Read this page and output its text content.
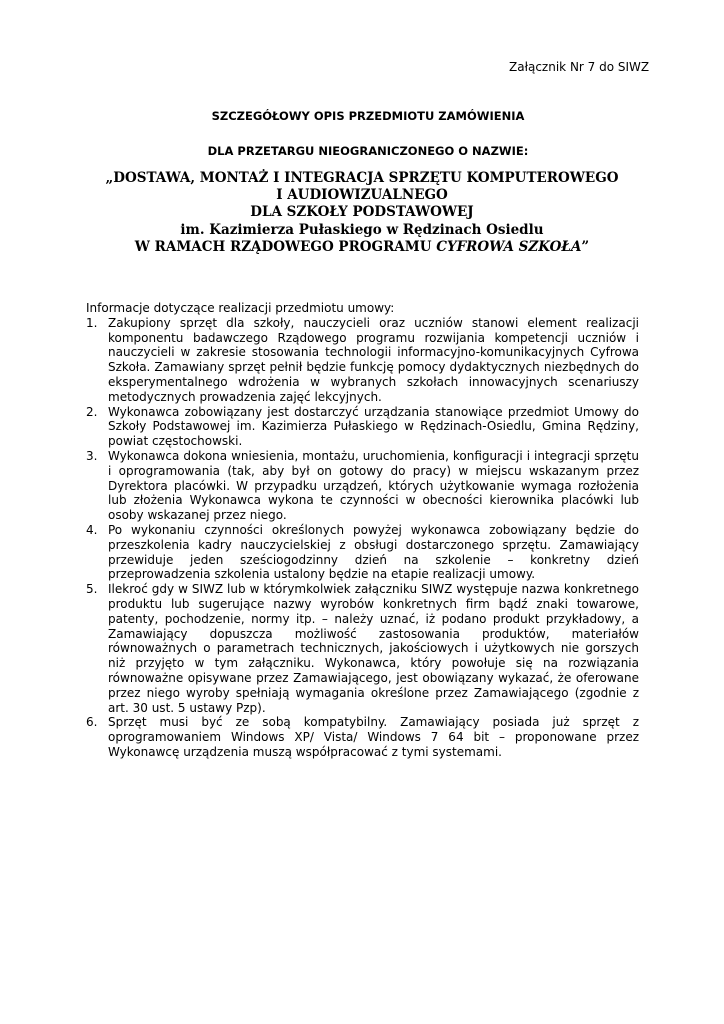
Załącznik Nr 7 do SIWZ
SZCZEGÓŁOWY OPIS PRZEDMIOTU ZAMÓWIENIA
DLA PRZETARGU NIEOGRANICZONEGO O NAZWIE:
„DOSTAWA, MONTAŻ I INTEGRACJA SPRZĘTU KOMPUTEROWEGO
I AUDIOWIZUALNEGO
DLA SZKOŁY PODSTAWOWEJ
im. Kazimierza Pułaskiego w Rędzinach Osiedlu
W RAMACH RZĄDOWEGO PROGRAMU CYFROWA SZKOŁA”

Informacje dotyczące realizacji przedmiotu umowy:

1. Zakupiony sprzęt dla szkoły, nauczycieli oraz uczniów stanowi element realizacji komponentu badawczego Rządowego programu rozwijania kompetencji uczniów i nauczycieli w zakresie stosowania technologii informacyjno-komunikacyjnych Cyfrowa Szkoła. Zamawiany sprzęt pełnił będzie funkcję pomocy dydaktycznych niezbędnych do eksperymentalnego wdrożenia w wybranych szkołach innowacyjnych scenariuszy metodycznych prowadzenia zajęć lekcyjnych.
2. Wykonawca zobowiązany jest dostarczyć urządzania stanowiące przedmiot Umowy do Szkoły Podstawowej im. Kazimierza Pułaskiego w Rędzinach-Osiedlu, Gmina Rędziny, powiat częstochowski.
3. Wykonawca dokona wniesienia, montażu, uruchomienia, konfiguracji i integracji sprzętu i oprogramowania (tak, aby był on gotowy do pracy) w miejscu wskazanym przez Dyrektora placówki. W przypadku urządzeń, których użytkowanie wymaga rozłożenia lub złożenia Wykonawca wykona te czynności w obecności kierownika placówki lub osoby wskazanej przez niego.
4. Po wykonaniu czynności określonych powyżej wykonawca zobowiązany będzie do przeszkolenia kadry nauczycielskiej z obsługi dostarczonego sprzętu. Zamawiający przewiduje jeden sześciogodzinny dzień na szkolenie – konkretny dzień przeprowadzenia szkolenia ustalony będzie na etapie realizacji umowy.
5. Ilekroć gdy w SIWZ lub w którymkolwiek załączniku SIWZ występuje nazwa konkretnego produktu lub sugerujące nazwy wyrobów konkretnych firm bądź znaki towarowe, patenty, pochodzenie, normy itp. – należy uznać, iż podano produkt przykładowy, a Zamawiający dopuszcza możliwość zastosowania produktów, materiałów równoważnych o parametrach technicznych, jakościowych i użytkowych nie gorszych niż przyjęto w tym załączniku. Wykonawca, który powołuje się na rozwiązania równoważne opisywane przez Zamawiającego, jest obowiązany wykazać, że oferowane przez niego wyroby spełniają wymagania określone przez Zamawiającego (zgodnie z art. 30 ust. 5 ustawy Pzp).
6. Sprzęt musi być ze sobą kompatybilny. Zamawiający posiada już sprzęt z oprogramowaniem Windows XP/ Vista/ Windows 7 64 bit – proponowane przez Wykonawcę urządzenia muszą współpracować z tymi systemami.
